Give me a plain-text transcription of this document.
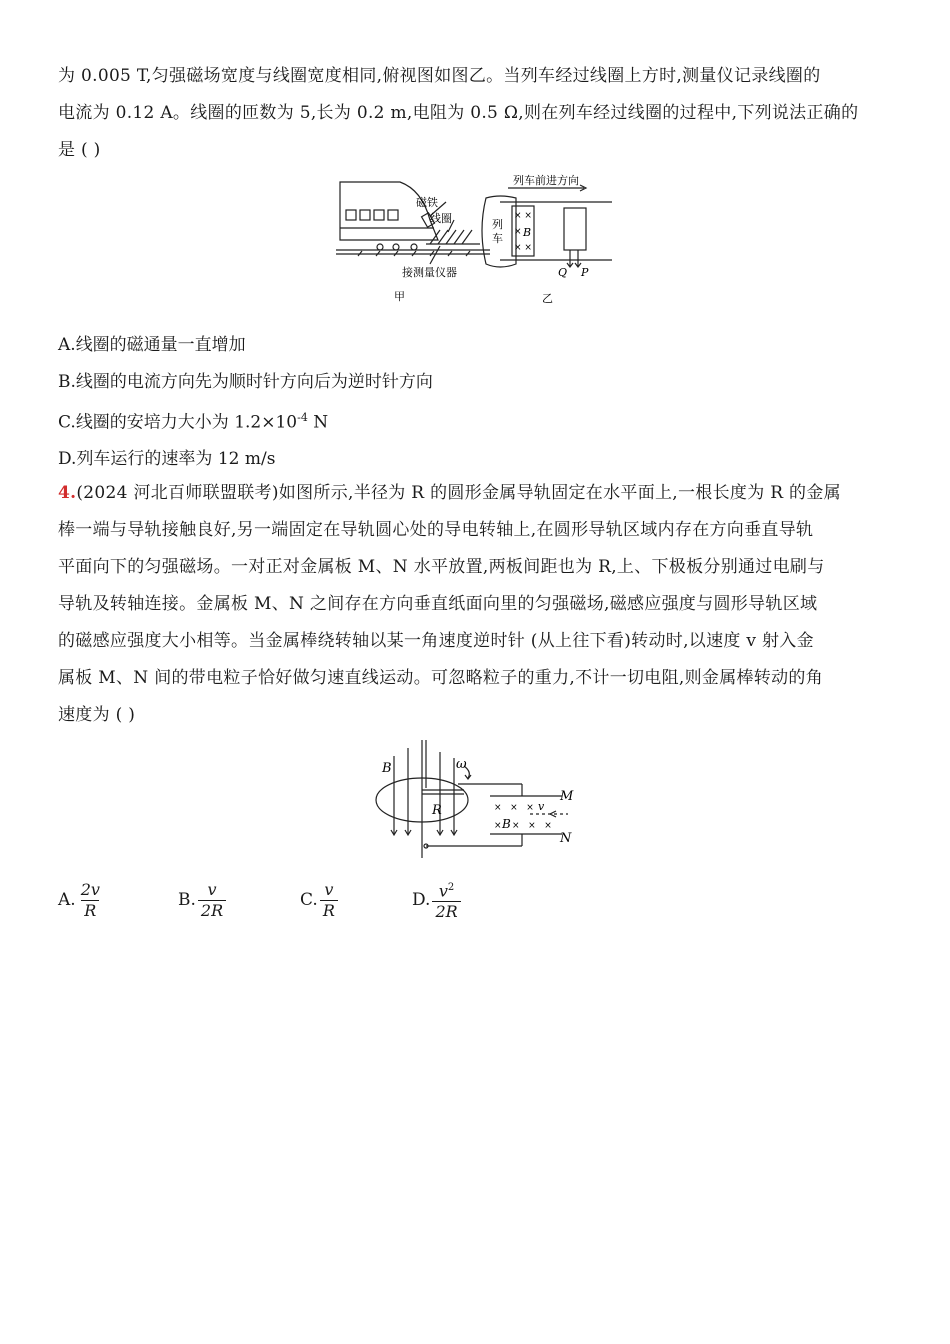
为 0.005 T,匀强磁场宽度与线圈宽度相同,俯视图如图乙。当列车经过线圈上方时,测量仪记录线圈的

电流为 0.12 A。线圈的匝数为 5,长为 0.2 m,电阻为 0.5 Ω,则在列车经过线圈的过程中,下列说法正确的

是 ( )

磁铁
线圈
接测量仪器
甲
列车前进方向
列
车
× ×
×
× ×
B
Q P
乙

A.线圈的磁通量一直增加

B.线圈的电流方向先为顺时针方向后为逆时针方向

C.线圈的安培力大小为 $1.2\times 10^{-4}$ N

D.列车运行的速率为 12 m/s

4.(2024 河北百师联盟联考)如图所示,半径为 R 的圆形金属导轨固定在水平面上,一根长度为 R 的金属

棒一端与导轨接触良好,另一端固定在导轨圆心处的导电转轴上,在圆形导轨区域内存在方向垂直导轨

平面向下的匀强磁场。一对正对金属板 M、N 水平放置,两板间距也为 R,上、下极板分别通过电刷与

导轨及转轴连接。金属板 M、N 之间存在方向垂直纸面向里的匀强磁场,磁感应强度与圆形导轨区域

的磁感应强度大小相等。当金属棒绕转轴以某一角速度逆时针 (从上往下看)转动时,以速度 v 射入金

属板 M、N 间的带电粒子恰好做匀速直线运动。可忽略粒子的重力,不计一切电阻,则金属棒转动的角

速度为 ( )

B	ω
R
M
N
×   ×   × v
× B ×   ×   ×
A. $\frac{2v}{R}$	B. $\frac{v}{2R}$	C. $\frac{v}{R}$	D. $\frac{v^2}{2R}$
